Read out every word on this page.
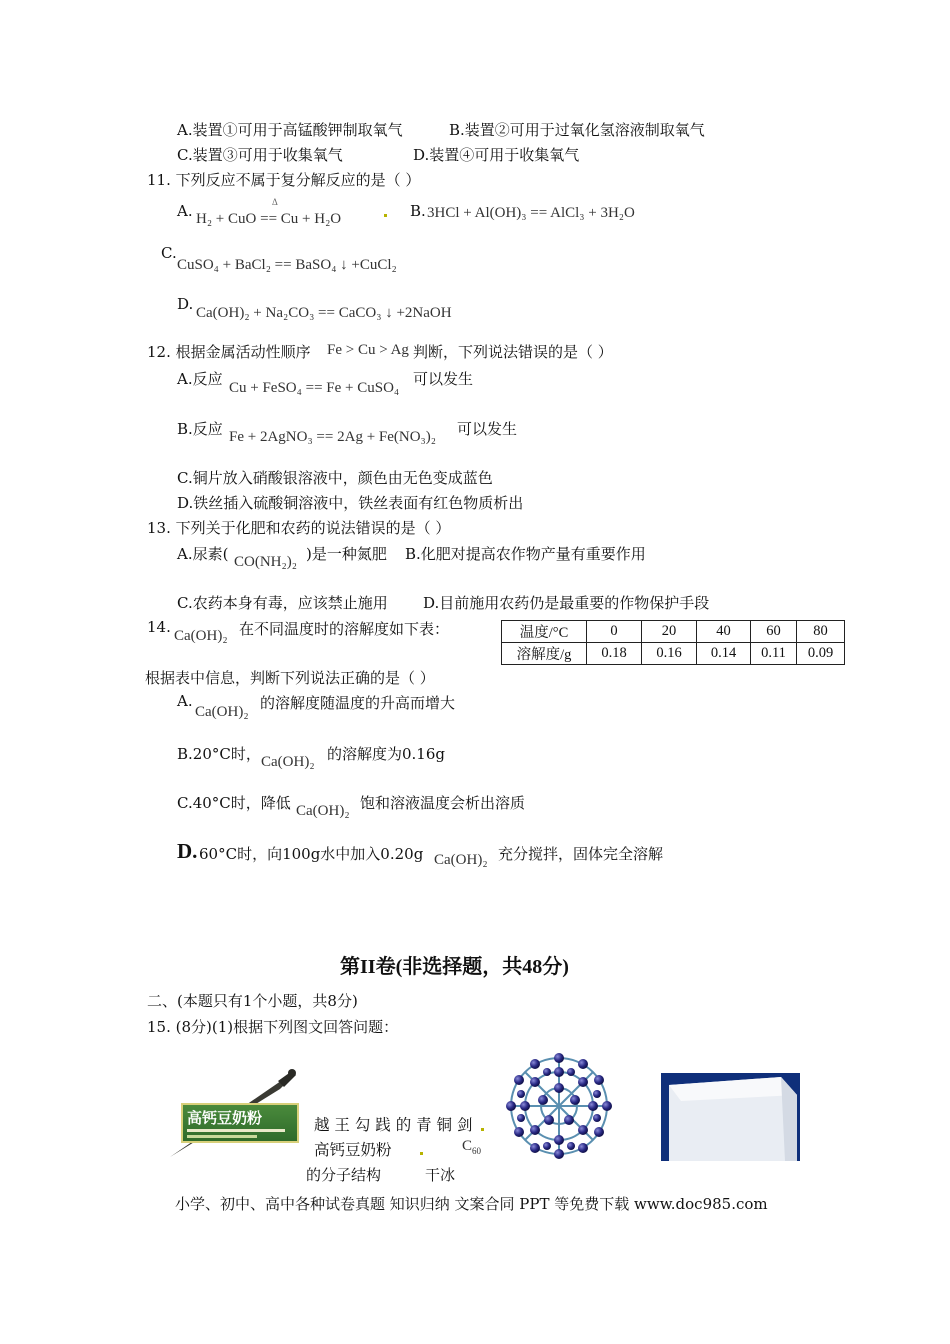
A.装置①可用于高锰酸钾制取氧气	B.装置②可用于过氧化氢溶液制取氧气
C.装置③可用于收集氧气	D.装置④可用于收集氧气
11. 下列反应不属于复分解反应的是（ ）
A.	Δ
H₂ + CuO == Cu + H₂O	B. 3HCl + Al(OH)₃ == AlCl₃ + 3H₂O
C.
CuSO₄ + BaCl₂ == BaSO₄ ↓ +CuCl₂
D. Ca(OH)₂ + Na₂CO₃ == CaCO₃ ↓ +2NaOH
12. 根据金属活动性顺序 Fe > Cu > Ag 判断，下列说法错误的是（ ）
A.反应 Cu + FeSO₄ == Fe + CuSO₄ 可以发生
B.反应 Fe + 2AgNO₃ == 2Ag + Fe(NO₃)₂ 可以发生
C.铜片放入硝酸银溶液中，颜色由无色变成蓝色
D.铁丝插入硫酸铜溶液中，铁丝表面有红色物质析出
13. 下列关于化肥和农药的说法错误的是（ ）
A.尿素( CO(NH₂)₂ )是一种氮肥 B.化肥对提高农作物产量有重要作用
C.农药本身有毒，应该禁止施用 D.目前施用农药仍是最重要的作物保护手段
14. Ca(OH)₂ 在不同温度时的溶解度如下表：	温度/°C	0	20	40	60	80
溶解度/g	0.18	0.16	0.14	0.11	0.09
根据表中信息，判断下列说法正确的是（ ）
A.
Ca(OH)₂ 的溶解度随温度的升高而增大
B.20°C时， Ca(OH)₂ 的溶解度为0.16g
C.40°C时，降低 Ca(OH)₂ 饱和溶液温度会析出溶质
D. 60°C时，向100g水中加入0.20g Ca(OH)₂ 充分搅拌，固体完全溶解
第II卷(非选择题，共48分)
二、(本题只有1个小题，共8分)
15. (8分)(1)根据下列图文回答问题：
高钙豆奶粉	越 王 勾 践 的 青 铜 剑
高钙豆奶粉	$C_{60}$
的分子结构	干冰
小学、初中、高中各种试卷真题 知识归纳 文案合同 PPT 等免费下载 www.doc985.com
